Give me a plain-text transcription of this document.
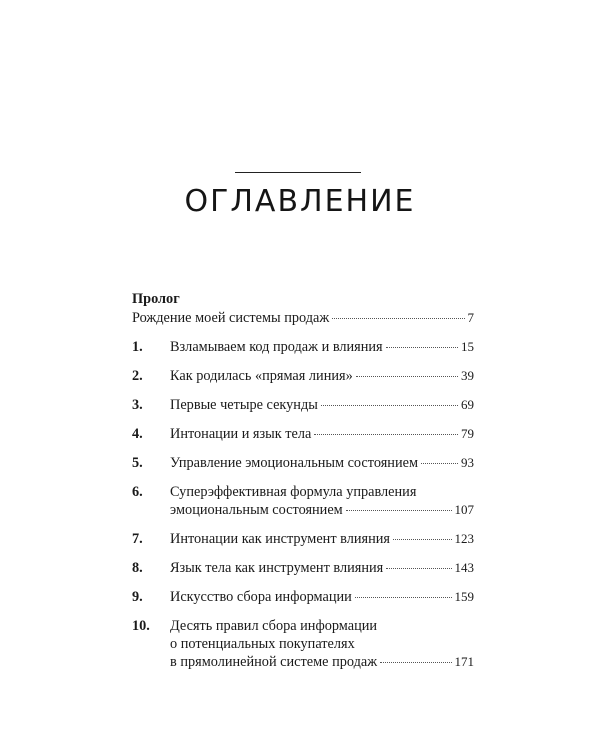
ОГЛАВЛЕНИЕ
Пролог
Рождение моей системы продаж	7
1.	Взламываем код продаж и влияния	15
2.	Как родилась «прямая линия»	39
3.	Первые четыре секунды	69
4.	Интонации и язык тела	79
5.	Управление эмоциональным состоянием	93
6.	Суперэффективная формула управления
эмоциональным состоянием	107
7.	Интонации как инструмент влияния	123
8.	Язык тела как инструмент влияния	143
9.	Искусство сбора информации	159
10.	Десять правил сбора информации
о потенциальных покупателях
в прямолинейной системе продаж	171
